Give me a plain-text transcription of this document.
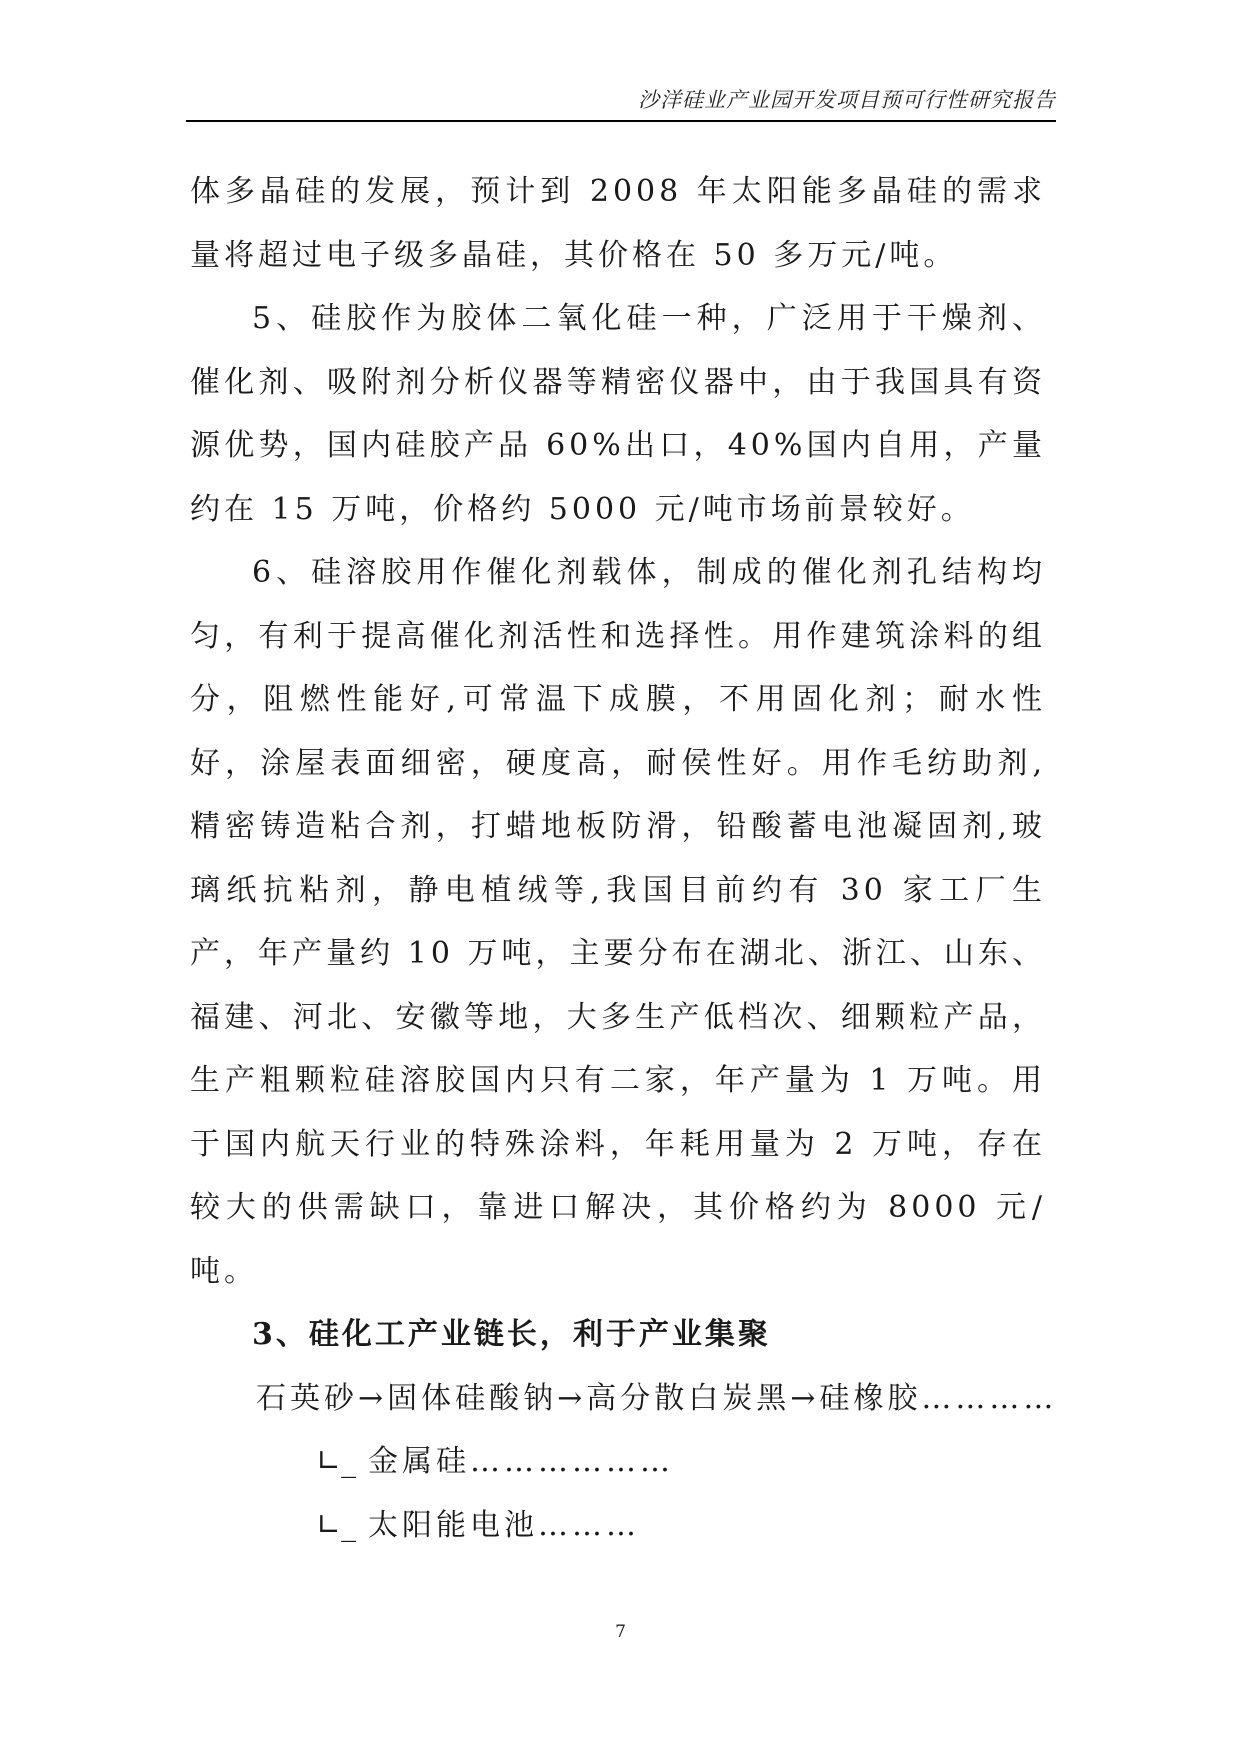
沙洋硅业产业园开发项目预可行性研究报告

体多晶硅的发展，预计到 2008 年太阳能多晶硅的需求量将超过电子级多晶硅，其价格在 50 多万元/吨。

5、硅胶作为胶体二氧化硅一种，广泛用于干燥剂、催化剂、吸附剂分析仪器等精密仪器中，由于我国具有资源优势，国内硅胶产品 60%出口，40%国内自用，产量约在 15 万吨，价格约 5000 元/吨市场前景较好。

6、硅溶胶用作催化剂载体，制成的催化剂孔结构均匀，有利于提高催化剂活性和选择性。用作建筑涂料的组分，阻燃性能好,可常温下成膜，不用固化剂；耐水性好，涂屋表面细密，硬度高，耐侯性好。用作毛纺助剂,精密铸造粘合剂，打蜡地板防滑，铅酸蓄电池凝固剂,玻璃纸抗粘剂，静电植绒等,我国目前约有 30 家工厂生产，年产量约 10 万吨，主要分布在湖北、浙江、山东、福建、河北、安徽等地，大多生产低档次、细颗粒产品，生产粗颗粒硅溶胶国内只有二家，年产量为 1 万吨。用于国内航天行业的特殊涂料，年耗用量为 2 万吨，存在较大的供需缺口，靠进口解决，其价格约为 8000 元/吨。

3、硅化工产业链长，利于产业集聚

石英砂→固体硅酸钠→高分散白炭黑→硅橡胶…………

∟_ 金属硅………………

∟_ 太阳能电池………

7
